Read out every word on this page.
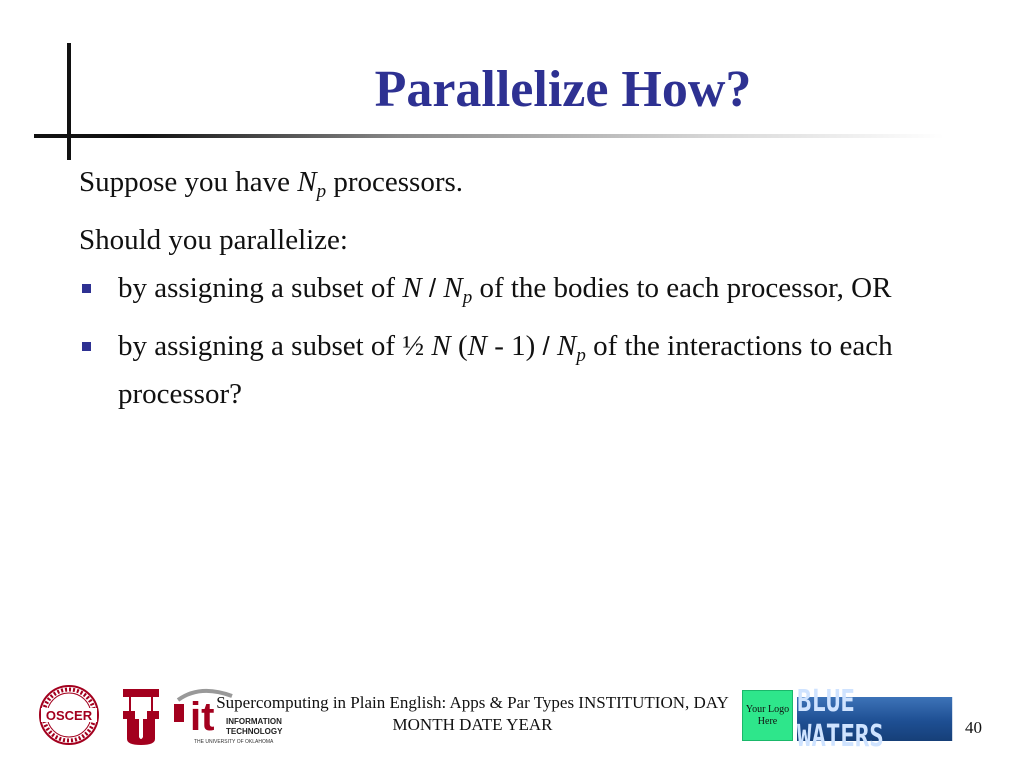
Parallelize How?

Suppose you have $N_p$ processors.

Should you parallelize:

by assigning a subset of N / $N_p$ of the bodies to each processor, OR
by assigning a subset of ½ N $(N - 1) / N_p$ of the interactions to each processor?
OSCER it INFORMATION
TECHNOLOGY
THE UNIVERSITY OF OKLAHOMA
Supercomputing in Plain English: Apps & Par Types INSTITUTION, DAY
MONTH DATE YEAR
Your Logo Here
BLUE WATERS	40
